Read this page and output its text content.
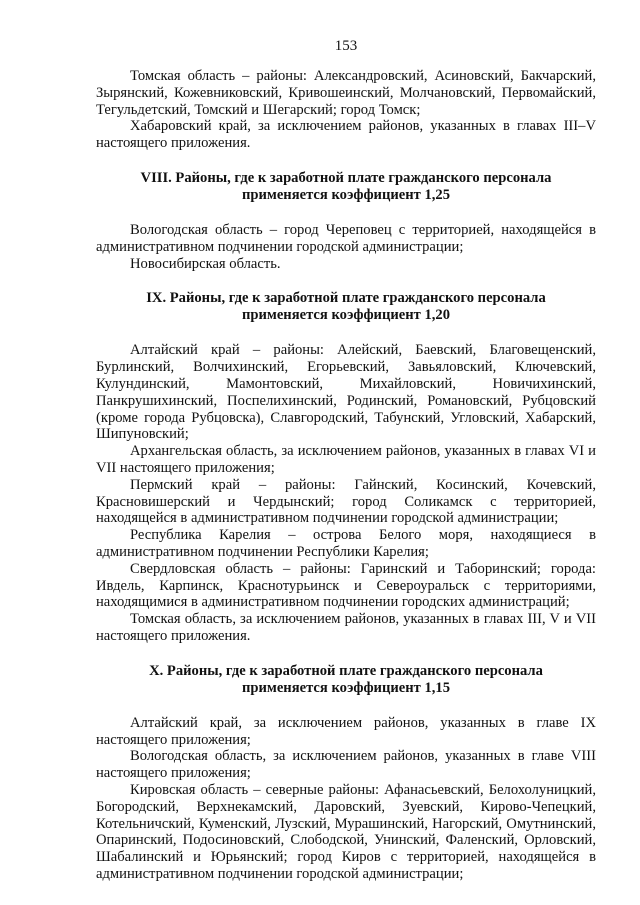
153

Томская область – районы: Александровский, Асиновский, Бакчарский, Зырянский, Кожевниковский, Кривошеинский, Молчановский, Первомайский, Тегульдетский, Томский и Шегарский; город Томск;

Хабаровский край, за исключением районов, указанных в главах III–V настоящего приложения.

VIII. Районы, где к заработной плате гражданского персонала
применяется коэффициент 1,25

Вологодская область – город Череповец с территорией, находящейся в административном подчинении городской администрации;

Новосибирская область.

IX. Районы, где к заработной плате гражданского персонала
применяется коэффициент 1,20

Алтайский край – районы: Алейский, Баевский, Благовещенский, Бурлинский, Волчихинский, Егорьевский, Завьяловский, Ключевский, Кулундинский, Мамонтовский, Михайловский, Новичихинский, Панкрушихинский, Поспелихинский, Родинский, Романовский, Рубцовский (кроме города Рубцовска), Славгородский, Табунский, Угловский, Хабарский, Шипуновский;

Архангельская область, за исключением районов, указанных в главах VI и VII настоящего приложения;

Пермский край – районы: Гайнский, Косинский, Кочевский, Красновишерский и Чердынский; город Соликамск с территорией, находящейся в административном подчинении городской администрации;

Республика Карелия – острова Белого моря, находящиеся в административном подчинении Республики Карелия;

Свердловская область – районы: Гаринский и Таборинский; города: Ивдель, Карпинск, Краснотурьинск и Североуральск с территориями, находящимися в административном подчинении городских администраций;

Томская область, за исключением районов, указанных в главах III, V и VII настоящего приложения.

X. Районы, где к заработной плате гражданского персонала
применяется коэффициент 1,15

Алтайский край, за исключением районов, указанных в главе IX настоящего приложения;

Вологодская область, за исключением районов, указанных в главе VIII настоящего приложения;

Кировская область – северные районы: Афанасьевский, Белохолуницкий, Богородский, Верхнекамский, Даровский, Зуевский, Кирово-Чепецкий, Котельничский, Куменский, Лузский, Мурашинский, Нагорский, Омутнинский, Опаринский, Подосиновский, Слободской, Унинский, Фаленский, Орловский, Шабалинский и Юрьянский; город Киров с территорией, находящейся в административном подчинении городской администрации;
